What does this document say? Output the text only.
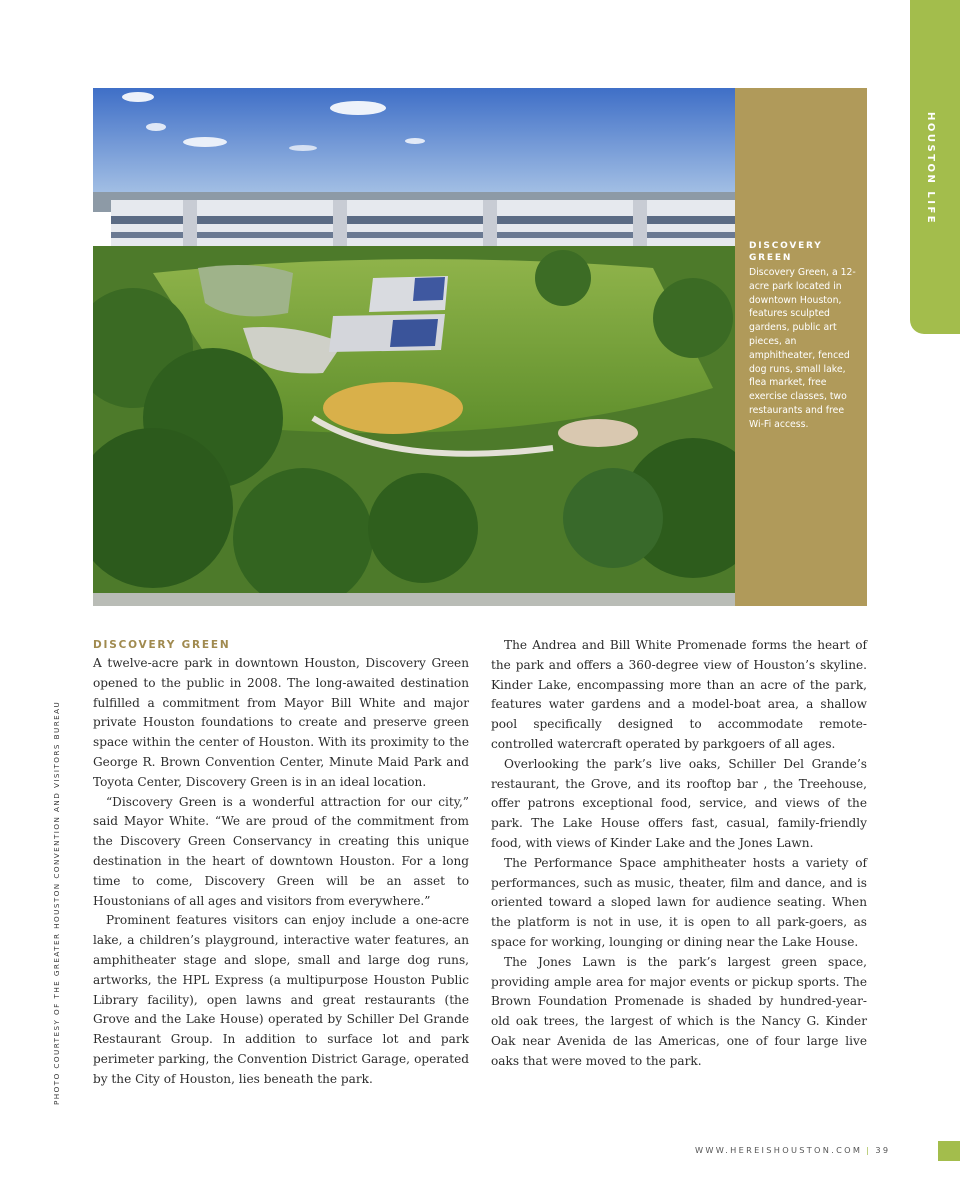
HOUSTON LIFE
DISCOVERY GREEN
Discovery Green, a 12-acre park located in downtown Houston, features sculpted gardens, public art pieces, an amphitheater, fenced dog runs, small lake, flea market, free exercise classes, two restaurants and free Wi-Fi access.
PHOTO COURTESY OF THE GREATER HOUSTON CONVENTION AND VISITORS BUREAU
DISCOVERY GREEN

A twelve-acre park in downtown Houston, Discovery Green opened to the public in 2008. The long-awaited destination fulfilled a commitment from Mayor Bill White and major private Houston foundations to create and preserve green space within the center of Houston. With its proximity to the George R. Brown Convention Center, Minute Maid Park and Toyota Center, Discovery Green is in an ideal location.

“Discovery Green is a wonderful attraction for our city,” said Mayor White. “We are proud of the commitment from the Discovery Green Conservancy in creating this unique destination in the heart of downtown Houston. For a long time to come, Discovery Green will be an asset to Houstonians of all ages and visitors from everywhere.”

Prominent features visitors can enjoy include a one-acre lake, a children’s playground, interactive water features, an amphitheater stage and slope, small and large dog runs, artworks, the HPL Express (a multipurpose Houston Public Library facility), open lawns and great restaurants (the Grove and the Lake House) operated by Schiller Del Grande Restaurant Group. In addition to surface lot and park perimeter parking, the Convention District Garage, operated by the City of Houston, lies beneath the park.

The Andrea and Bill White Promenade forms the heart of the park and offers a 360-degree view of Houston’s skyline. Kinder Lake, encompassing more than an acre of the park, features water gardens and a model-boat area, a shallow pool specifically designed to accommodate remote-controlled watercraft operated by parkgoers of all ages.

Overlooking the park’s live oaks, Schiller Del Grande’s restaurant, the Grove, and its rooftop bar , the Treehouse, offer patrons exceptional food, service, and views of the park. The Lake House offers fast, casual, family-friendly food, with views of Kinder Lake and the Jones Lawn.

The Performance Space amphitheater hosts a variety of performances, such as music, theater, film and dance, and is oriented toward a sloped lawn for audience seating. When the platform is not in use, it is open to all park-goers, as space for working, lounging or dining near the Lake House.

The Jones Lawn is the park’s largest green space, providing ample area for major events or pickup sports. The Brown Foundation Promenade is shaded by hundred-year-old oak trees, the largest of which is the Nancy G. Kinder Oak near Avenida de las Americas, one of four large live oaks that were moved to the park.

WWW.HEREISHOUSTON.COM | 39
